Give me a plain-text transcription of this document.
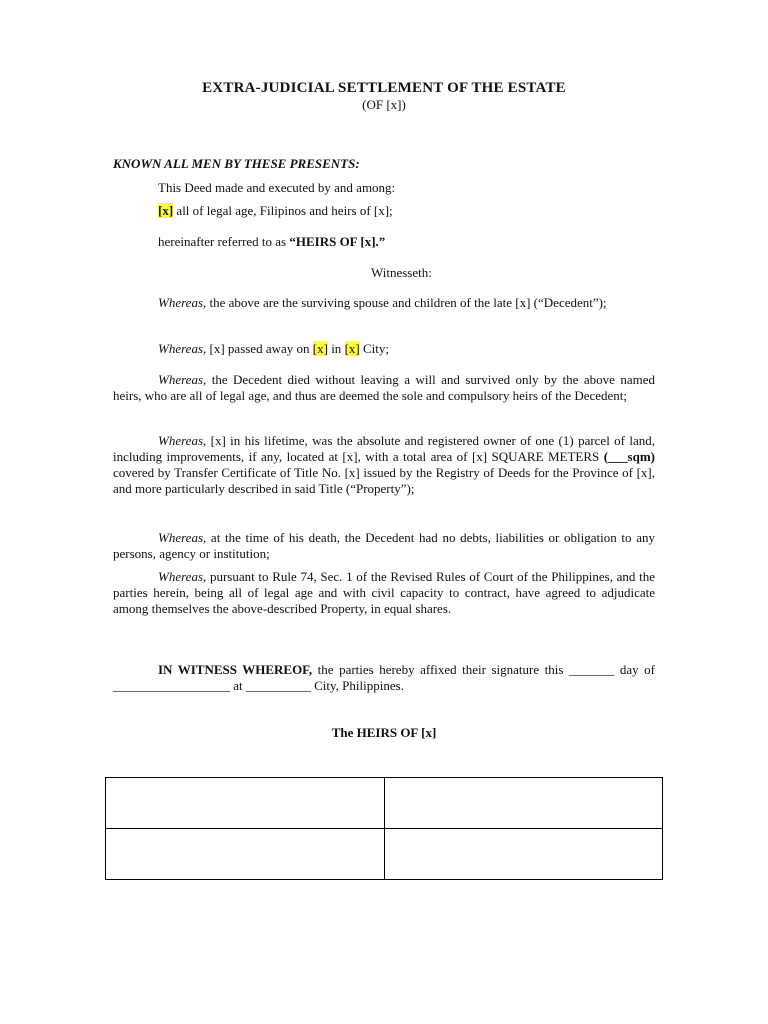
EXTRA-JUDICIAL SETTLEMENT OF THE ESTATE
(OF [x])
KNOWN ALL MEN BY THESE PRESENTS:
This Deed made and executed by and among:
[x] all of legal age, Filipinos and heirs of [x];
hereinafter referred to as “HEIRS OF [x].”
Witnesseth:
Whereas, the above are the surviving spouse and children of the late [x] (“Decedent”);
Whereas, [x] passed away on [x] in [x] City;
Whereas, the Decedent died without leaving a will and survived only by the above named heirs, who are all of legal age, and thus are deemed the sole and compulsory heirs of the Decedent;
Whereas, [x] in his lifetime, was the absolute and registered owner of one (1) parcel of land, including improvements, if any, located at [x], with a total area of [x] SQUARE METERS (___sqm) covered by Transfer Certificate of Title No. [x] issued by the Registry of Deeds for the Province of [x], and more particularly described in said Title (“Property”);
Whereas, at the time of his death, the Decedent had no debts, liabilities or obligation to any persons, agency or institution;
Whereas, pursuant to Rule 74, Sec. 1 of the Revised Rules of Court of the Philippines, and the parties herein, being all of legal age and with civil capacity to contract, have agreed to adjudicate among themselves the above-described Property, in equal shares.
IN WITNESS WHEREOF, the parties hereby affixed their signature this _______ day of __________________ at __________ City, Philippines.
The HEIRS OF [x]
